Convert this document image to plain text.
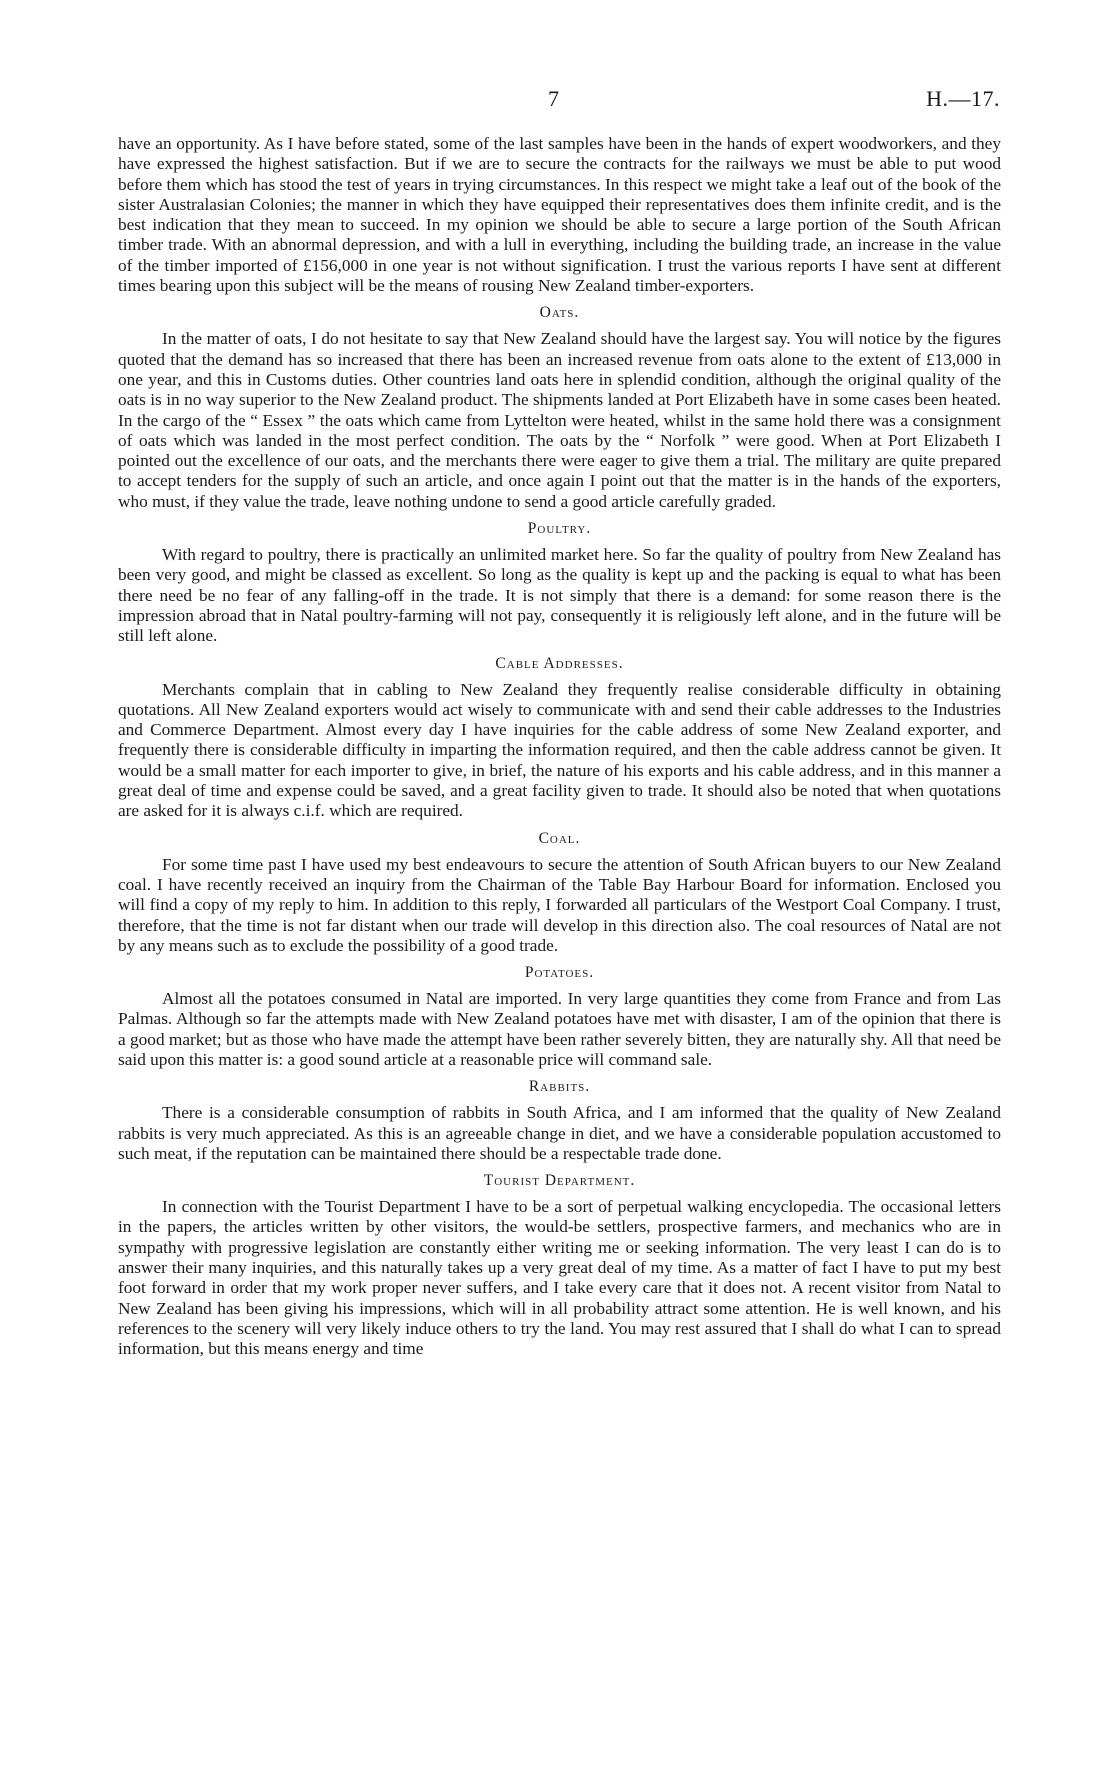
7	H.—17.

have an opportunity. As I have before stated, some of the last samples have been in the hands of expert woodworkers, and they have expressed the highest satisfaction. But if we are to secure the contracts for the railways we must be able to put wood before them which has stood the test of years in trying circumstances. In this respect we might take a leaf out of the book of the sister Australasian Colonies; the manner in which they have equipped their representatives does them infinite credit, and is the best indication that they mean to succeed. In my opinion we should be able to secure a large portion of the South African timber trade. With an abnormal depression, and with a lull in everything, including the building trade, an increase in the value of the timber imported of £156,000 in one year is not without signification. I trust the various reports I have sent at different times bearing upon this subject will be the means of rousing New Zealand timber-exporters.

Oats.

In the matter of oats, I do not hesitate to say that New Zealand should have the largest say. You will notice by the figures quoted that the demand has so increased that there has been an increased revenue from oats alone to the extent of £13,000 in one year, and this in Customs duties. Other countries land oats here in splendid condition, although the original quality of the oats is in no way superior to the New Zealand product. The shipments landed at Port Elizabeth have in some cases been heated. In the cargo of the “ Essex ” the oats which came from Lyttelton were heated, whilst in the same hold there was a consignment of oats which was landed in the most perfect condition. The oats by the “ Norfolk ” were good. When at Port Elizabeth I pointed out the excellence of our oats, and the merchants there were eager to give them a trial. The military are quite prepared to accept tenders for the supply of such an article, and once again I point out that the matter is in the hands of the exporters, who must, if they value the trade, leave nothing undone to send a good article carefully graded.

Poultry.

With regard to poultry, there is practically an unlimited market here. So far the quality of poultry from New Zealand has been very good, and might be classed as excellent. So long as the quality is kept up and the packing is equal to what has been there need be no fear of any falling-off in the trade. It is not simply that there is a demand: for some reason there is the impression abroad that in Natal poultry-farming will not pay, consequently it is religiously left alone, and in the future will be still left alone.

Cable Addresses.

Merchants complain that in cabling to New Zealand they frequently realise considerable difficulty in obtaining quotations. All New Zealand exporters would act wisely to communicate with and send their cable addresses to the Industries and Commerce Department. Almost every day I have inquiries for the cable address of some New Zealand exporter, and frequently there is considerable difficulty in imparting the information required, and then the cable address cannot be given. It would be a small matter for each importer to give, in brief, the nature of his exports and his cable address, and in this manner a great deal of time and expense could be saved, and a great facility given to trade. It should also be noted that when quotations are asked for it is always c.i.f. which are required.

Coal.

For some time past I have used my best endeavours to secure the attention of South African buyers to our New Zealand coal. I have recently received an inquiry from the Chairman of the Table Bay Harbour Board for information. Enclosed you will find a copy of my reply to him. In addition to this reply, I forwarded all particulars of the Westport Coal Company. I trust, therefore, that the time is not far distant when our trade will develop in this direction also. The coal resources of Natal are not by any means such as to exclude the possibility of a good trade.

Potatoes.

Almost all the potatoes consumed in Natal are imported. In very large quantities they come from France and from Las Palmas. Although so far the attempts made with New Zealand potatoes have met with disaster, I am of the opinion that there is a good market; but as those who have made the attempt have been rather severely bitten, they are naturally shy. All that need be said upon this matter is: a good sound article at a reasonable price will command sale.

Rabbits.

There is a considerable consumption of rabbits in South Africa, and I am informed that the quality of New Zealand rabbits is very much appreciated. As this is an agreeable change in diet, and we have a considerable population accustomed to such meat, if the reputation can be maintained there should be a respectable trade done.

Tourist Department.

In connection with the Tourist Department I have to be a sort of perpetual walking encyclopedia. The occasional letters in the papers, the articles written by other visitors, the would-be settlers, prospective farmers, and mechanics who are in sympathy with progressive legislation are constantly either writing me or seeking information. The very least I can do is to answer their many inquiries, and this naturally takes up a very great deal of my time. As a matter of fact I have to put my best foot forward in order that my work proper never suffers, and I take every care that it does not. A recent visitor from Natal to New Zealand has been giving his impressions, which will in all probability attract some attention. He is well known, and his references to the scenery will very likely induce others to try the land. You may rest assured that I shall do what I can to spread information, but this means energy and time
